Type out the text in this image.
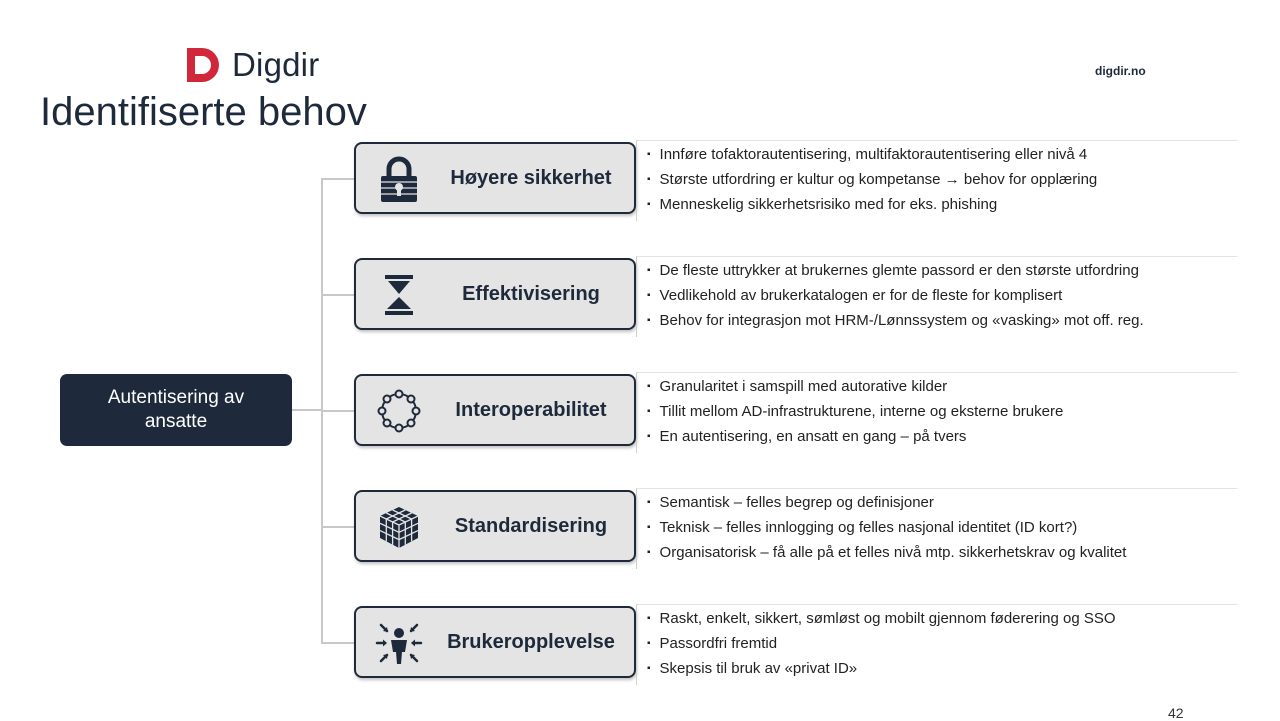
Digdir	digdir.no
Identifiserte behov
Autentisering av
ansatte
Høyere sikkerhet
▪ Innføre tofaktorautentisering, multifaktorautentisering eller nivå 4
▪ Største utfordring er kultur og kompetanse → behov for opplæring
▪ Menneskelig sikkerhetsrisiko med for eks. phishing
Effektivisering
▪ De fleste uttrykker at brukernes glemte passord er den største utfordring
▪ Vedlikehold av brukerkatalogen er for de fleste for komplisert
▪ Behov for integrasjon mot HRM-/Lønnssystem og «vasking» mot off. reg.
Interoperabilitet
▪ Granularitet i samspill med autorative kilder
▪ Tillit mellom AD-infrastrukturene, interne og eksterne brukere
▪ En autentisering, en ansatt en gang – på tvers
Standardisering
▪ Semantisk – felles begrep og definisjoner
▪ Teknisk – felles innlogging og felles nasjonal identitet (ID kort?)
▪ Organisatorisk – få alle på et felles nivå mtp. sikkerhetskrav og kvalitet
Brukeropplevelse
▪ Raskt, enkelt, sikkert, sømløst og mobilt gjennom føderering og SSO
▪ Passordfri fremtid
▪ Skepsis til bruk av «privat ID»
42
